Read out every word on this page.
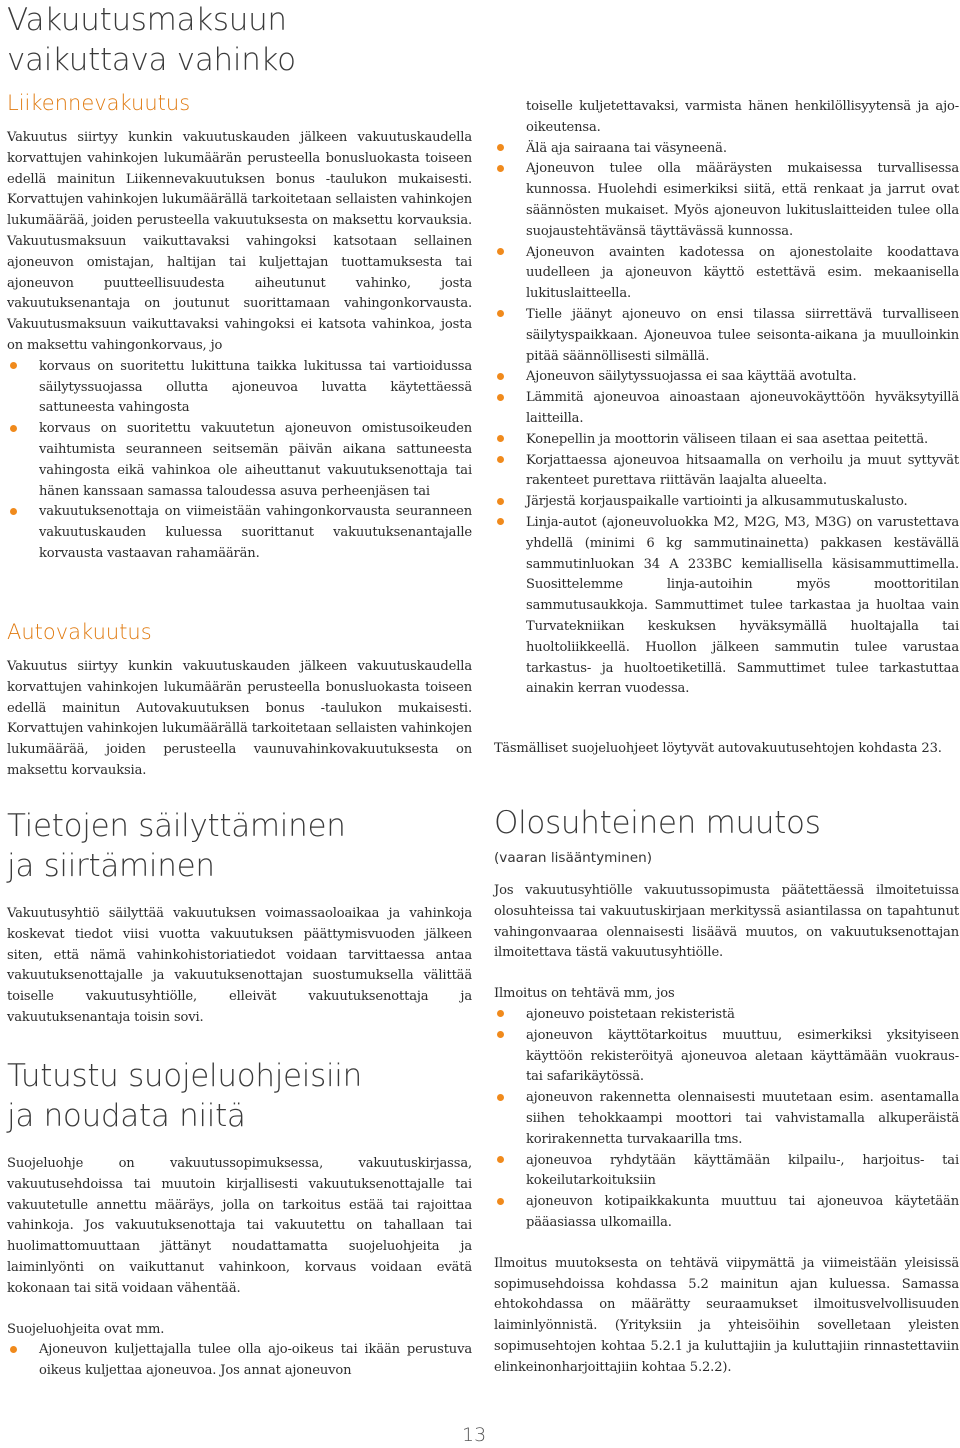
Vakuutusmaksuun
vaikuttava vahinko
Liikennevakuutus

Vakuutus siirtyy kunkin vakuutuskauden jälkeen vakuutuskaudella korvattujen vahinkojen lukumäärän perusteella bonusluokasta toiseen edellä mainitun Liikennevakuutuksen bonus -taulukon mukaisesti. Korvattujen vahinkojen lukumäärällä tarkoitetaan sellaisten vahinkojen lukumäärää, joiden perusteella vakuutuksesta on maksettu korvauksia. Vakuutusmaksuun vaikuttavaksi vahingoksi katsotaan sellainen ajoneuvon omistajan, haltijan tai kuljettajan tuottamuksesta tai ajoneuvon puutteellisuudesta aiheutunut vahinko, josta vakuutuksenantaja on joutunut suorittamaan vahingonkorvausta. Vakuutusmaksuun vaikuttavaksi vahingoksi ei katsota vahinkoa, josta on maksettu vahingonkorvaus, jo

korvaus on suoritettu lukittuna taikka lukitussa tai vartioidussa säilytyssuojassa ollutta ajoneuvoa luvatta käytettäessä sattuneesta vahingosta
korvaus on suoritettu vakuutetun ajoneuvon omistusoikeuden vaihtumista seuranneen seitsemän päivän aikana sattuneesta vahingosta eikä vahinkoa ole aiheuttanut vakuutuksenottaja tai hänen kanssaan samassa taloudessa asuva perheenjäsen tai
vakuutuksenottaja on viimeistään vahingonkorvausta seuranneen vakuutuskauden kuluessa suorittanut vakuutuksenantajalle korvausta vastaavan rahamäärän.
Autovakuutus

Vakuutus siirtyy kunkin vakuutuskauden jälkeen vakuutuskaudella korvattujen vahinkojen lukumäärän perusteella bonusluokasta toiseen edellä mainitun Autovakuutuksen bonus -taulukon mukaisesti. Korvattujen vahinkojen lukumäärällä tarkoitetaan sellaisten vahinkojen lukumäärää, joiden perusteella vaunuvahinkovakuutuksesta on maksettu korvauksia.

Tietojen säilyttäminen
ja siirtäminen

Vakuutusyhtiö säilyttää vakuutuksen voimassaoloaikaa ja vahinkoja koskevat tiedot viisi vuotta vakuutuksen päättymisvuoden jälkeen siten, että nämä vahinkohistoriatiedot voidaan tarvittaessa antaa vakuutuksenottajalle ja vakuutuksenottajan suostumuksella välittää toiselle vakuutusyhtiölle, elleivät vakuutuksenottaja ja vakuutuksenantaja toisin sovi.

Tutustu suojeluohjeisiin
ja noudata niitä

Suojeluohje on vakuutussopimuksessa, vakuutuskirjassa, vakuutusehdoissa tai muutoin kirjallisesti vakuutuksenottajalle tai vakuutetulle annettu määräys, jolla on tarkoitus estää tai rajoittaa vahinkoja. Jos vakuutuksenottaja tai vakuutettu on tahallaan tai huolimattomuuttaan jättänyt noudattamatta suojeluohjeita ja laiminlyönti on vaikuttanut vahinkoon, korvaus voidaan evätä kokonaan tai sitä voidaan vähentää.

Suojeluohjeita ovat mm.

Ajoneuvon kuljettajalla tulee olla ajo-oikeus tai ikään perustuva oikeus kuljettaa ajoneuvoa. Jos annat ajoneuvon
toiselle kuljetettavaksi, varmista hänen henkilöllisyytensä ja ajo-oikeutensa.
Älä aja sairaana tai väsyneenä.
Ajoneuvon tulee olla määräysten mukaisessa turvallisessa kunnossa. Huolehdi esimerkiksi siitä, että renkaat ja jarrut ovat säännösten mukaiset. Myös ajoneuvon lukituslaitteiden tulee olla suojaustehtävänsä täyttävässä kunnossa.
Ajoneuvon avainten kadotessa on ajonestolaite koodattava uudelleen ja ajoneuvon käyttö estettävä esim. mekaanisella lukituslaitteella.
Tielle jäänyt ajoneuvo on ensi tilassa siirrettävä turvalliseen säilytyspaikkaan. Ajoneuvoa tulee seisonta-aikana ja muulloinkin pitää säännöllisesti silmällä.
Ajoneuvon säilytyssuojassa ei saa käyttää avotulta.
Lämmitä ajoneuvoa ainoastaan ajoneuvokäyttöön hyväksytyillä laitteilla.
Konepellin ja moottorin väliseen tilaan ei saa asettaa peitettä.
Korjattaessa ajoneuvoa hitsaamalla on verhoilu ja muut syttyvät rakenteet purettava riittävän laajalta alueelta.
Järjestä korjauspaikalle vartiointi ja alkusammutuskalusto.
Linja-autot (ajoneuvoluokka M2, M2G, M3, M3G) on varustettava yhdellä (minimi 6 kg sammutinainetta) pakkasen kestävällä sammutinluokan 34 A 233BC kemiallisella käsisammuttimella. Suosittelemme linja-autoihin myös moottoritilan sammutusaukkoja. Sammuttimet tulee tarkastaa ja huoltaa vain Turvatekniikan keskuksen hyväksymällä huoltajalla tai huoltoliikkeellä. Huollon jälkeen sammutin tulee varustaa tarkastus- ja huoltoetiketillä. Sammuttimet tulee tarkastuttaa ainakin kerran vuodessa.

Täsmälliset suojeluohjeet löytyvät autovakuutusehtojen kohdasta 23.

Olosuhteinen muutos
(vaaran lisääntyminen)

Jos vakuutusyhtiölle vakuutussopimusta päätettäessä ilmoitetuissa olosuhteissa tai vakuutuskirjaan merkityssä asiantilassa on tapahtunut vahingonvaaraa olennaisesti lisäävä muutos, on vakuutuksenottajan ilmoitettava tästä vakuutusyhtiölle.

Ilmoitus on tehtävä mm, jos

ajoneuvo poistetaan rekisteristä
ajoneuvon käyttötarkoitus muuttuu, esimerkiksi yksityiseen käyttöön rekisteröityä ajoneuvoa aletaan käyttämään vuokraus- tai safarikäytössä.
ajoneuvon rakennetta olennaisesti muutetaan esim. asentamalla siihen tehokkaampi moottori tai vahvistamalla alkuperäistä korirakennetta turvakaarilla tms.
ajoneuvoa ryhdytään käyttämään kilpailu-, harjoitus- tai kokeilutarkoituksiin
ajoneuvon kotipaikkakunta muuttuu tai ajoneuvoa käytetään pääasiassa ulkomailla.

Ilmoitus muutoksesta on tehtävä viipymättä ja viimeistään yleisissä sopimusehdoissa kohdassa 5.2 mainitun ajan kuluessa. Samassa ehtokohdassa on määrätty seuraamukset ilmoitusvelvollisuuden laiminlyönnistä. (Yrityksiin ja yhteisöihin sovelletaan yleisten sopimusehtojen kohtaa 5.2.1 ja kuluttajiin ja kuluttajiin rinnastettaviin elinkeinonharjoittajiin kohtaa 5.2.2).

13
